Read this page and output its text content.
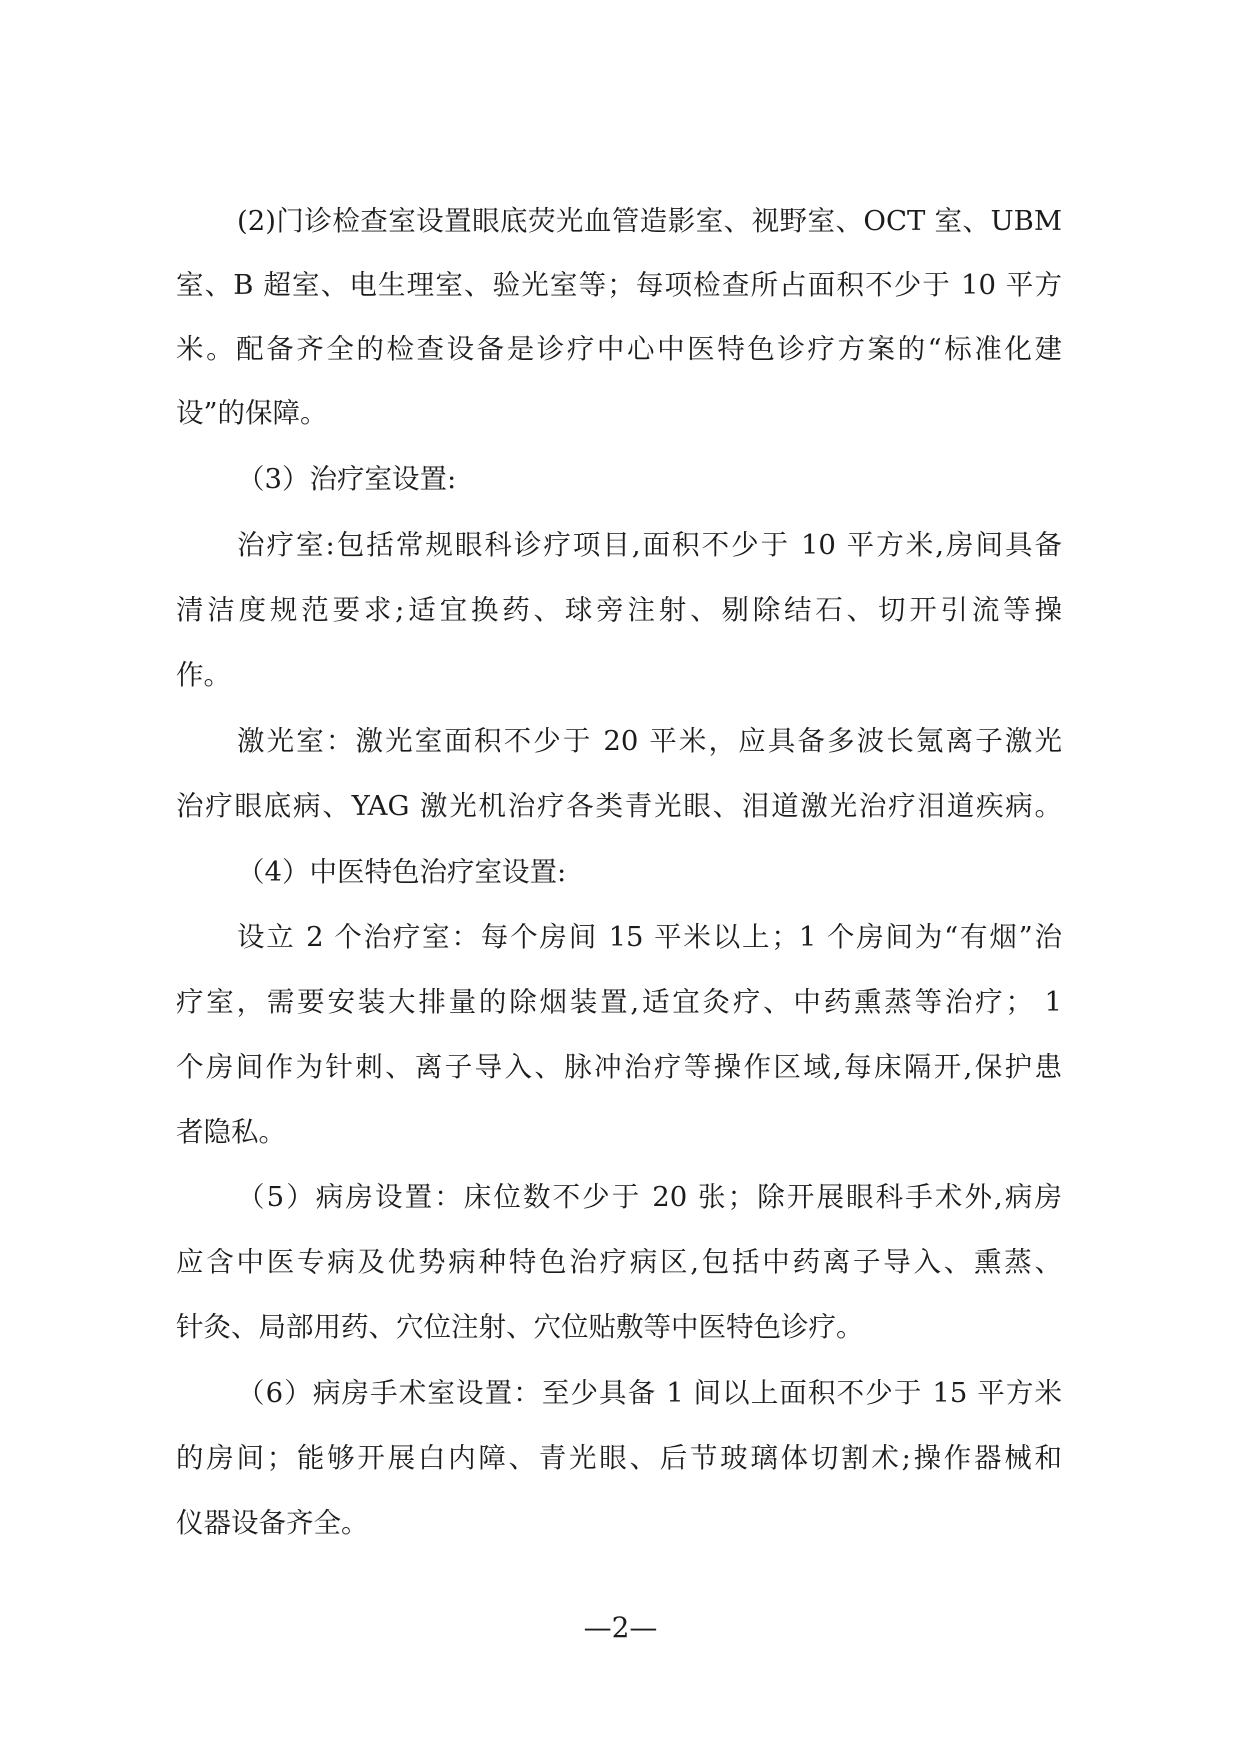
(2)门诊检查室设置眼底荧光血管造影室、视野室、OCT 室、UBM
室、B 超室、电生理室、验光室等；每项检查所占面积不少于 10 平方
米。配备齐全的检查设备是诊疗中心中医特色诊疗方案的“标准化建
设”的保障。
（3）治疗室设置:
治疗室:包括常规眼科诊疗项目,面积不少于 10 平方米,房间具备
清洁度规范要求;适宜换药、球旁注射、剔除结石、切开引流等操
作。
激光室：激光室面积不少于 20 平米，应具备多波长氪离子激光
治疗眼底病、YAG 激光机治疗各类青光眼、泪道激光治疗泪道疾病。
（4）中医特色治疗室设置:
设立 2 个治疗室：每个房间 15 平米以上；1 个房间为“有烟”治
疗室，需要安装大排量的除烟装置,适宜灸疗、中药熏蒸等治疗； 1
个房间作为针刺、离子导入、脉冲治疗等操作区域,每床隔开,保护患
者隐私。
（5）病房设置：床位数不少于 20 张；除开展眼科手术外,病房
应含中医专病及优势病种特色治疗病区,包括中药离子导入、熏蒸、
针灸、局部用药、穴位注射、穴位贴敷等中医特色诊疗。
（6）病房手术室设置：至少具备 1 间以上面积不少于 15 平方米
的房间；能够开展白内障、青光眼、后节玻璃体切割术;操作器械和
仪器设备齐全。
—2—
